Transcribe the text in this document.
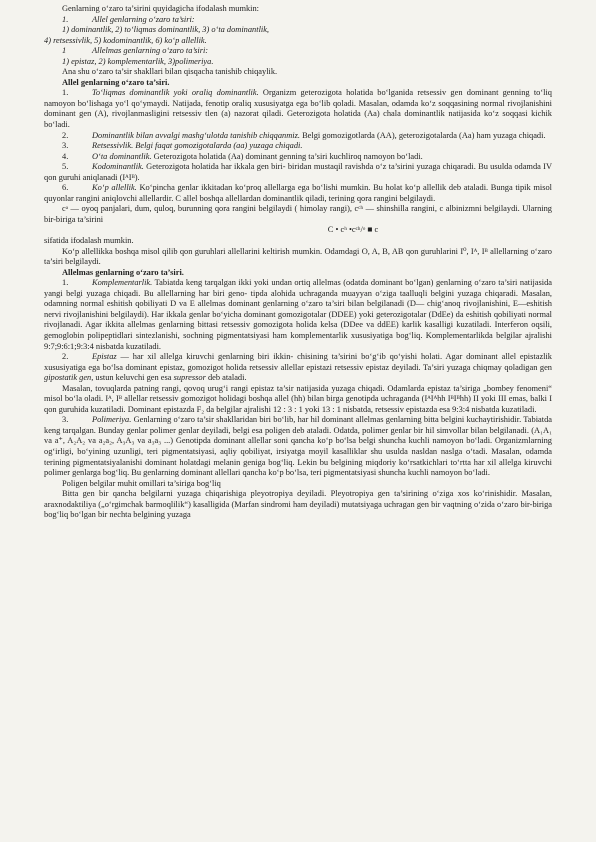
Genlarning o‘zaro ta’sirini quyidagicha ifodalash mumkin:

1.	Allel genlarning o‘zaro ta’siri:

1) dominantlik, 2) to‘liqmas dominantlik, 3) o‘ta dominantlik,

4) retsessivlik, 5) kodominantlik, 6) ko‘p allellik.

1	Allelmas genlarning o‘zaro ta’siri:

1) epistaz, 2) komplementarlik, 3)polimeriya.

Ana shu o‘zaro ta’sir shakllari bilan qisqacha tanishib chiqaylik.

Allel genlarning o‘zaro ta’siri.

1.	To‘liqmas dominantlik yoki oraliq dominantlik. Organizm geterozigota holatida bo‘lganida retsessiv gen dominant genning to‘liq namoyon bo‘lishaga yo‘l qo‘ymaydi. Natijada, fenotip oraliq xususiyatga ega bo‘lib qoladi. Masalan, odamda ko‘z soqqasining normal rivojlanishini dominant gen (A), rivojlanmasligini retsessiv tlen (a) nazorat qiladi. Geterozigota holatida (Aa) chala dominantlik natijasida ko‘z soqqasi kichik bo‘ladi.

2.	Dominantlik bilan avvalgi mashg‘ulotda tanishib chiqqanmiz. Belgi gomozigotlarda (AA), geterozigotalarda (Aa) ham yuzaga chiqadi.

3.	Retsessivlik. Belgi faqat gomozigotalarda (aa) yuzaga chiqadi.

4.	O‘ta dominantlik. Geterozigota holatida (Aa) dominant genning ta’siri kuchliroq namoyon bo‘ladi.

5.	Kodominantlik. Geterozigota holatida har ikkala gen biri- biridan mustaqil ravishda o‘z ta’sirini yuzaga chiqaradi. Bu usulda odamda IV qon guruhi aniqlanadi (IᴬIᴮ).

6.	Ko‘p allellik. Ko‘pincha genlar ikkitadan ko‘proq allellarga ega bo‘lishi mumkin. Bu holat ko‘p allellik deb ataladi. Bunga tipik misol quyonlar rangini aniqlovchi allellardir. C allel boshqa allellardan dominantlik qiladi, terining qora rangini belgilaydi.

cᵃ — oyoq panjalari, dum, quloq, burunning qora rangini belgilaydi ( himolay rangi), cᶜʰ — shinshilla rangini, c albinizmni belgilaydi. Ularning bir-biriga ta’sirini

C • cʰ •cᶜʰ/ᵒ ■ c

sifatida ifodalash mumkin.

Ko‘p allellikka boshqa misol qilib qon guruhlari allellarini keltirish mumkin. Odamdagi O, A, B, AB qon guruhlarini I⁰, Iᴬ, Iᴮ allellarning o‘zaro ta’siri belgilaydi.

Allelmas genlarning o‘zaro ta’siri.

1.	Komplementarlik. Tabiatda keng tarqalgan ikki yoki undan ortiq allelmas (odatda dominant bo‘lgan) genlarning o‘zaro ta’siri natijasida yangi belgi yuzaga chiqadi. Bu allellarning har biri geno- tipda alohida uchraganda muayyan o‘ziga taalluqli belgini yuzaga chiqaradi. Masalan, odamning normal eshitish qobiliyati D va E allelmas dominant genlarning o‘zaro ta’siri bilan belgilanadi (D— chig‘anoq rivojlanishini, E—eshitish nervi rivojlanishini belgilaydi). Har ikkala genlar bo‘yicha dominant gomozigotalar (DDEE) yoki geterozigotalar (DdEe) da eshitish qobiliyati normal rivojlanadi. Agar ikkita allelmas genlarning bittasi retsessiv gomozigota holida kelsa (DDee va ddEE) karlik kasalligi kuzatiladi. Interferon oqsili, gemoglobin polipeptidlari sintezlanishi, sochning pigmentatsiyasi ham komplementarlik xususiyatiga bog‘liq. Komplementarlikda belgilar ajralishi 9:7;9:6:1;9:3:4 nisbatda kuzatiladi.

2.	Epistaz — har xil allelga kiruvchi genlarning biri ikkin- chisining ta’sirini bo‘g‘ib qo‘yishi holati. Agar dominant allel epistazlik xususiyatiga ega bo‘lsa dominant epistaz, gomozigot holida retsessiv allellar epistazi retsessiv epistaz deyiladi. Ta’siri yuzaga chiqmay qoladigan gen gipostatik gen, ustun keluvchi gen esa supressor deb ataladi.

Masalan, tovuqlarda patning rangi, qovoq urug‘i rangi epistaz ta’sir natijasida yuzaga chiqadi. Odamlarda epistaz ta’siriga „bombey fenomeni“ misol bo‘la oladi. Iᴬ, Iᴮ allellar retsessiv gomozigot holidagi boshqa allel (hh) bilan birga genotipda uchraganda (IᴬIᴬhh IᴮIᴮhh) II yoki III emas, balki I qon guruhida kuzatiladi. Dominant epistazda F₂ da belgilar ajralishi 12 : 3 : 1 yoki 13 : 1 nisbatda, retsessiv epistazda esa 9:3:4 nisbatda kuzatiladi.

3.	Polimeriya. Genlarning o‘zaro ta’sir shakllaridan biri bo‘lib, har hil dominant allelmas genlarning bitta belgini kuchaytirishidir. Tabiatda keng tarqalgan. Bunday genlar polimer genlar deyiladi, belgi esa poligen deb ataladi. Odatda, polimer genlar bir hil simvollar bilan belgilanadi. (A₁A₁ va a⁺, A₂A₂ va a₂a₂, A₃A₃ va a₃a₃ ...) Genotipda dominant allellar soni qancha ko‘p bo‘lsa belgi shuncha kuchli namoyon bo‘ladi. Organizmlarning og‘irligi, bo‘yining uzunligi, teri pigmentatsiyasi, aqliy qobiliyat, irsiyatga moyil kasalliklar shu usulda nasldan naslga o‘tadi. Masalan, odamda terining pigmentatsiyalanishi dominant holatdagi melanin geniga bog‘liq. Lekin bu belgining miqdoriy ko‘rsatkichlari to‘rtta har xil allelga kiruvchi polimer genlarga bog‘liq. Bu genlarning dominant allellari qancha ko‘p bo‘lsa, teri pigmentatsiyasi shuncha kuchli namoyon bo‘ladi.

Poligen belgilar muhit omillari ta’siriga bog‘liq

Bitta gen bir qancha belgilarni yuzaga chiqarishiga pleyotropiya deyiladi. Pleyotropiya gen ta’sirining o‘ziga xos ko‘rinishidir. Masalan, araxnodaktiliya („o‘rgimchak barmoqlilik“) kasalligida (Marfan sindromi ham deyiladi) mutatsiyaga uchragan gen bir vaqtning o‘zida o‘zaro bir-biriga bog‘liq bo‘lgan bir nechta belgining yuzaga
